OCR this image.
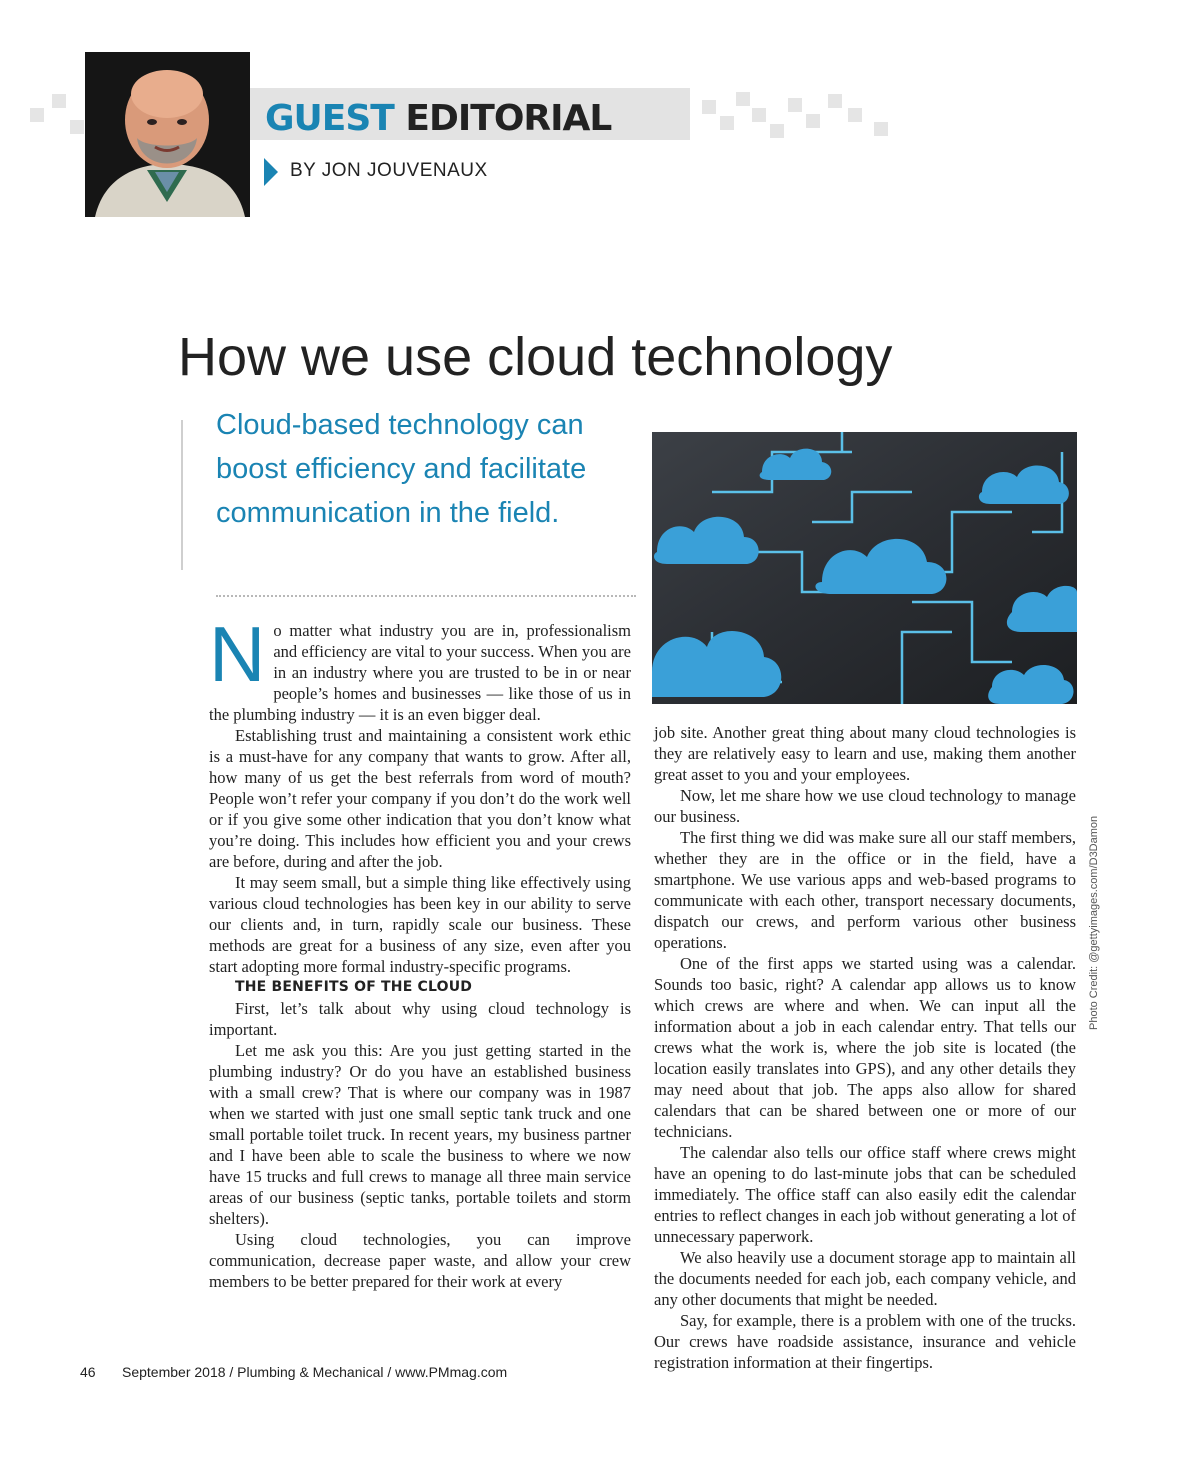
GUEST EDITORIAL
BY JON JOUVENAUX
How we use cloud technology
Cloud-based technology can boost efficiency and facilitate communication in the field.
N o matter what industry you are in, professionalism and efficiency are vital to your success. When you are in an industry where you are trusted to be in or near people’s homes and businesses — like those of us in the plumbing industry — it is an even bigger deal.

Establishing trust and maintaining a consistent work ethic is a must-have for any company that wants to grow. After all, how many of us get the best referrals from word of mouth? People won’t refer your company if you don’t do the work well or if you give some other indication that you don’t know what you’re doing. This includes how efficient you and your crews are before, during and after the job.

It may seem small, but a simple thing like effectively using various cloud technologies has been key in our ability to serve our clients and, in turn, rapidly scale our business. These methods are great for a business of any size, even after you start adopting more formal industry-specific programs.

THE BENEFITS OF THE CLOUD

First, let’s talk about why using cloud technology is important.

Let me ask you this: Are you just getting started in the plumbing industry? Or do you have an established business with a small crew? That is where our company was in 1987 when we started with just one small septic tank truck and one small portable toilet truck. In recent years, my business partner and I have been able to scale the business to where we now have 15 trucks and full crews to manage all three main service areas of our business (septic tanks, portable toilets and storm shelters).

Using cloud technologies, you can improve communication, decrease paper waste, and allow your crew members to be better prepared for their work at every

job site. Another great thing about many cloud technologies is they are relatively easy to learn and use, making them another great asset to you and your employees.

Now, let me share how we use cloud technology to manage our business.

The first thing we did was make sure all our staff members, whether they are in the office or in the field, have a smartphone. We use various apps and web-based programs to communicate with each other, transport necessary documents, dispatch our crews, and perform various other business operations.

One of the first apps we started using was a calendar. Sounds too basic, right? A calendar app allows us to know which crews are where and when. We can input all the information about a job in each calendar entry. That tells our crews what the work is, where the job site is located (the location easily translates into GPS), and any other details they may need about that job. The apps also allow for shared calendars that can be shared between one or more of our technicians.

The calendar also tells our office staff where crews might have an opening to do last-minute jobs that can be scheduled immediately. The office staff can also easily edit the calendar entries to reflect changes in each job without generating a lot of unnecessary paperwork.

We also heavily use a document storage app to maintain all the documents needed for each job, each company vehicle, and any other documents that might be needed.

Say, for example, there is a problem with one of the trucks. Our crews have roadside assistance, insurance and vehicle registration information at their fingertips.

Photo Credit: @gettyimages.com/D3Damon
46 September 2018 / Plumbing & Mechanical / www.PMmag.com
